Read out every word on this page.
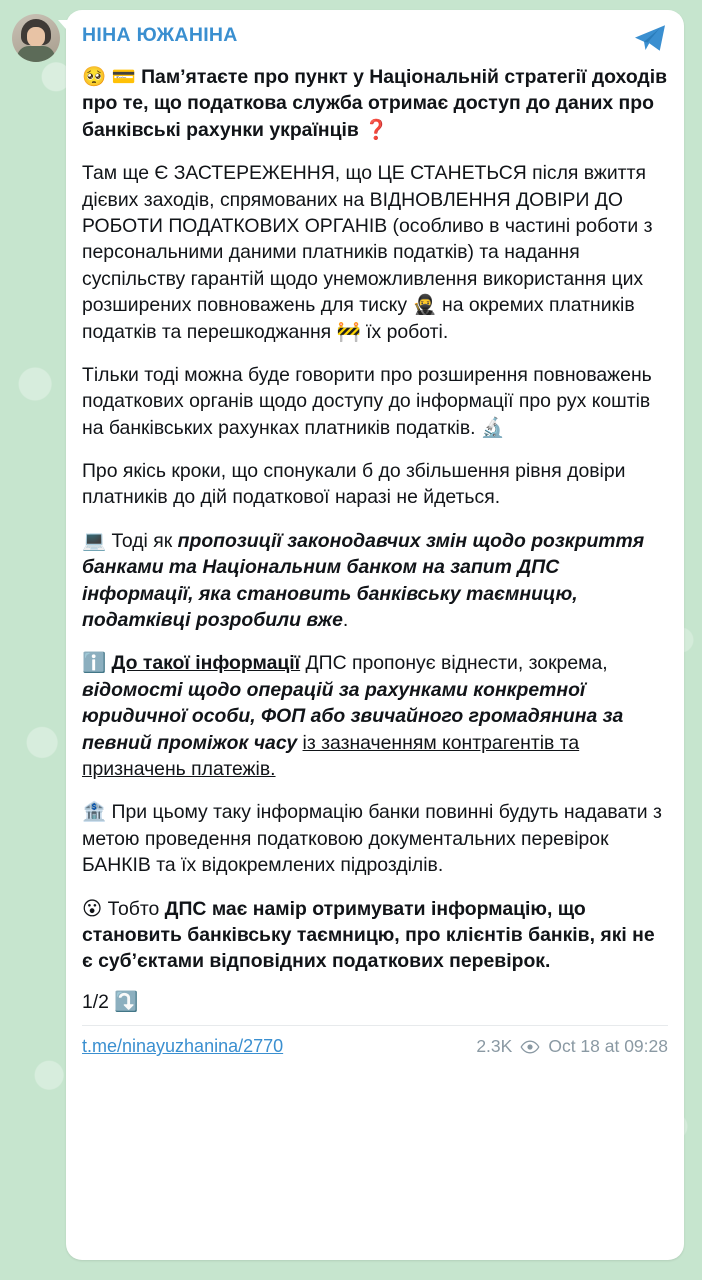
НІНА ЮЖАНІНА

🥺 💳 Пам’ятаєте про пункт у Національній стратегії доходів про те, що податкова служба отримає доступ до даних про банківські рахунки українців ❓

Там ще Є ЗАСТЕРЕЖЕННЯ, що ЦЕ СТАНЕТЬСЯ після вжиття дієвих заходів, спрямованих на ВІДНОВЛЕННЯ ДОВІРИ ДО РОБОТИ ПОДАТКОВИХ ОРГАНІВ (особливо в частині роботи з персональними даними платників податків) та надання суспільству гарантій щодо унеможливлення використання цих розширених повноважень для тиску 🥷 на окремих платників податків та перешкоджання 🚧 їх роботі.

Тільки тоді можна буде говорити про розширення повноважень податкових органів щодо доступу до інформації про рух коштів на банківських рахунках платників податків. 🔬

Про якісь кроки, що спонукали б до збільшення рівня довіри платників до дій податкової наразі не йдеться.

💻 Тоді як пропозиції законодавчих змін щодо розкриття банками та Національним банком на запит ДПС інформації, яка становить банківську таємницю, податківці розробили вже.

ℹ️ До такої інформації ДПС пропонує віднести, зокрема, відомості щодо операцій за рахунками конкретної юридичної особи, ФОП або звичайного громадянина за певний проміжок часу із зазначенням контрагентів та призначень платежів.

🏦 При цьому таку інформацію банки повинні будуть надавати з метою проведення податковою документальних перевірок БАНКІВ та їх відокремлених підрозділів.

😮 Тобто ДПС має намір отримувати інформацію, що становить банківську таємницю, про клієнтів банків, які не є суб’єктами відповідних податкових перевірок.

1/2 ⤵️
t.me/ninayuzhanina/2770	2.3K Oct 18 at 09:28
